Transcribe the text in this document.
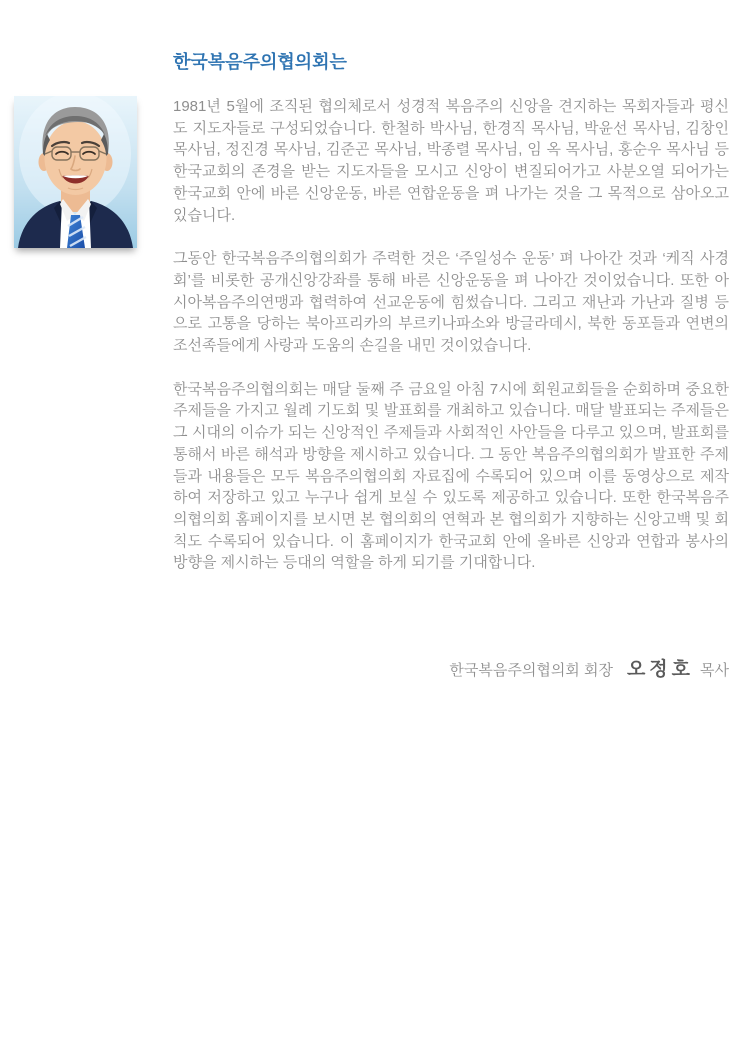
한국복음주의협의회는

1981년 5월에 조직된 협의체로서 성경적 복음주의 신앙을 견지하는 목회자들과 평신도 지도자들로 구성되었습니다. 한철하 박사님, 한경직 목사님, 박윤선 목사님, 김창인 목사님, 정진경 목사님, 김준곤 목사님, 박종렬 목사님, 임 옥 목사님, 홍순우 목사님 등 한국교회의 존경을 받는 지도자들을 모시고 신앙이 변질되어가고 사분오열 되어가는 한국교회 안에 바른 신앙운동, 바른 연합운동을 펴 나가는 것을 그 목적으로 삼아오고 있습니다.

그동안 한국복음주의협의회가 주력한 것은 ‘주일성수 운동’ 펴 나아간 것과 ‘케직 사경회’를 비롯한 공개신앙강좌를 통해 바른 신앙운동을 펴 나아간 것이었습니다. 또한 아시아복음주의연맹과 협력하여 선교운동에 힘썼습니다. 그리고 재난과 가난과 질병 등으로 고통을 당하는 북아프리카의 부르키나파소와 방글라데시, 북한 동포들과 연변의 조선족들에게 사랑과 도움의 손길을 내민 것이었습니다.

한국복음주의협의회는 매달 둘째 주 금요일 아침 7시에 회원교회들을 순회하며 중요한 주제들을 가지고 월례 기도회 및 발표회를 개최하고 있습니다. 매달 발표되는 주제들은 그 시대의 이슈가 되는 신앙적인 주제들과 사회적인 사안들을 다루고 있으며, 발표회를 통해서 바른 해석과 방향을 제시하고 있습니다. 그 동안 복음주의협의회가 발표한 주제들과 내용들은 모두 복음주의협의회 자료집에 수록되어 있으며 이를 동영상으로 제작하여 저장하고 있고 누구나 쉽게 보실 수 있도록 제공하고 있습니다. 또한 한국복음주의협의회 홈페이지를 보시면 본 협의회의 연혁과 본 협의회가 지향하는 신앙고백 및 회칙도 수록되어 있습니다. 이 홈페이지가 한국교회 안에 올바른 신앙과 연합과 봉사의 방향을 제시하는 등대의 역할을 하게 되기를 기대합니다.

한국복음주의협의회 회장 오정호 목사
